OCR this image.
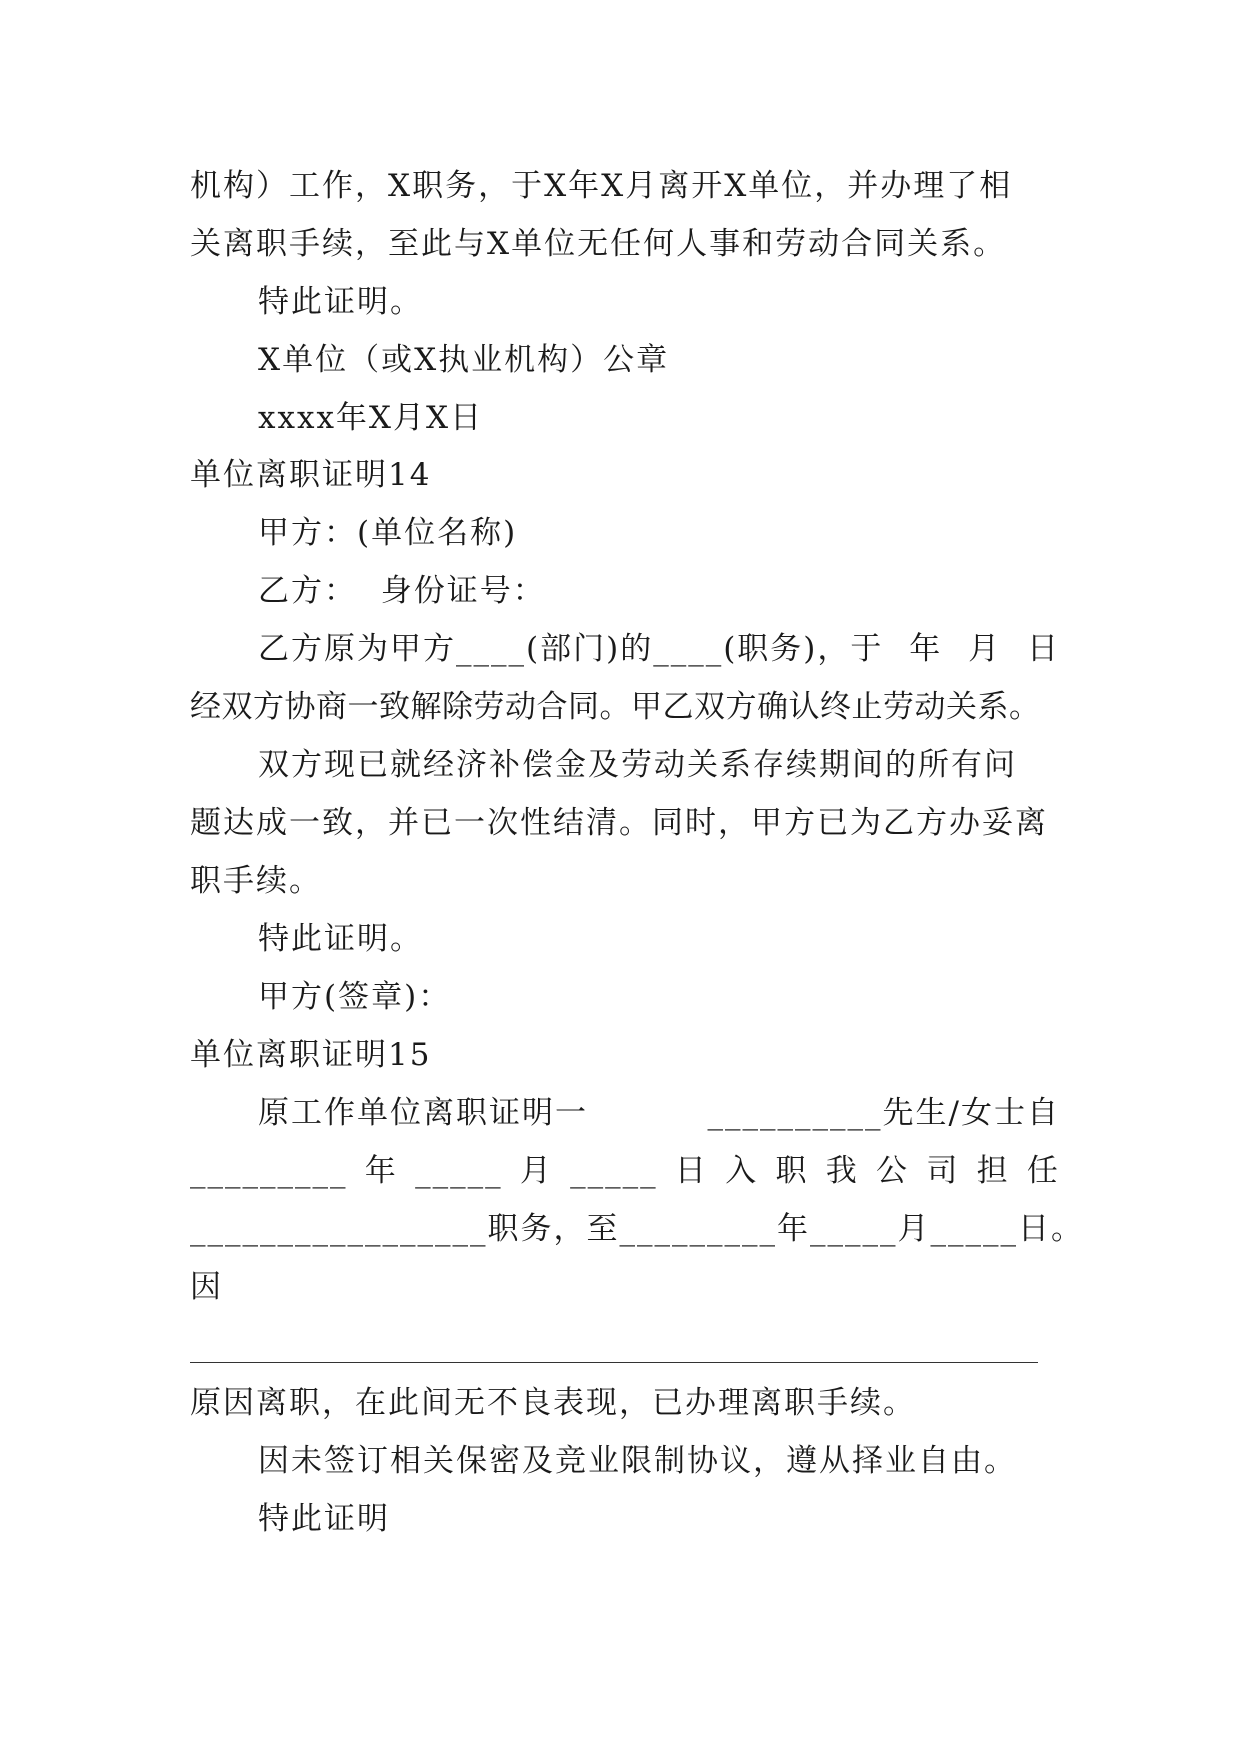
机构）工作，X职务，于X年X月离开X单位，并办理了相
关离职手续，至此与X单位无任何人事和劳动合同关系。
特此证明。
X单位（或X执业机构）公章
xxxx年X月X日
单位离职证明14
甲方：(单位名称)
乙方：  身份证号：
乙方原为甲方____(部门)的____(职务)，于 年 月 日
经双方协商一致解除劳动合同。甲乙双方确认终止劳动关系。
双方现已就经济补偿金及劳动关系存续期间的所有问
题达成一致，并已一次性结清。同时，甲方已为乙方办妥离
职手续。
特此证明。
甲方(签章)：
单位离职证明15
原工作单位离职证明一	__________先生/女士自
_________ 年 _____ 月 _____ 日 入 职 我 公 司 担 任
_________________职务，至_________年_____月_____日。
因
原因离职，在此间无不良表现，已办理离职手续。
因未签订相关保密及竞业限制协议，遵从择业自由。
特此证明
